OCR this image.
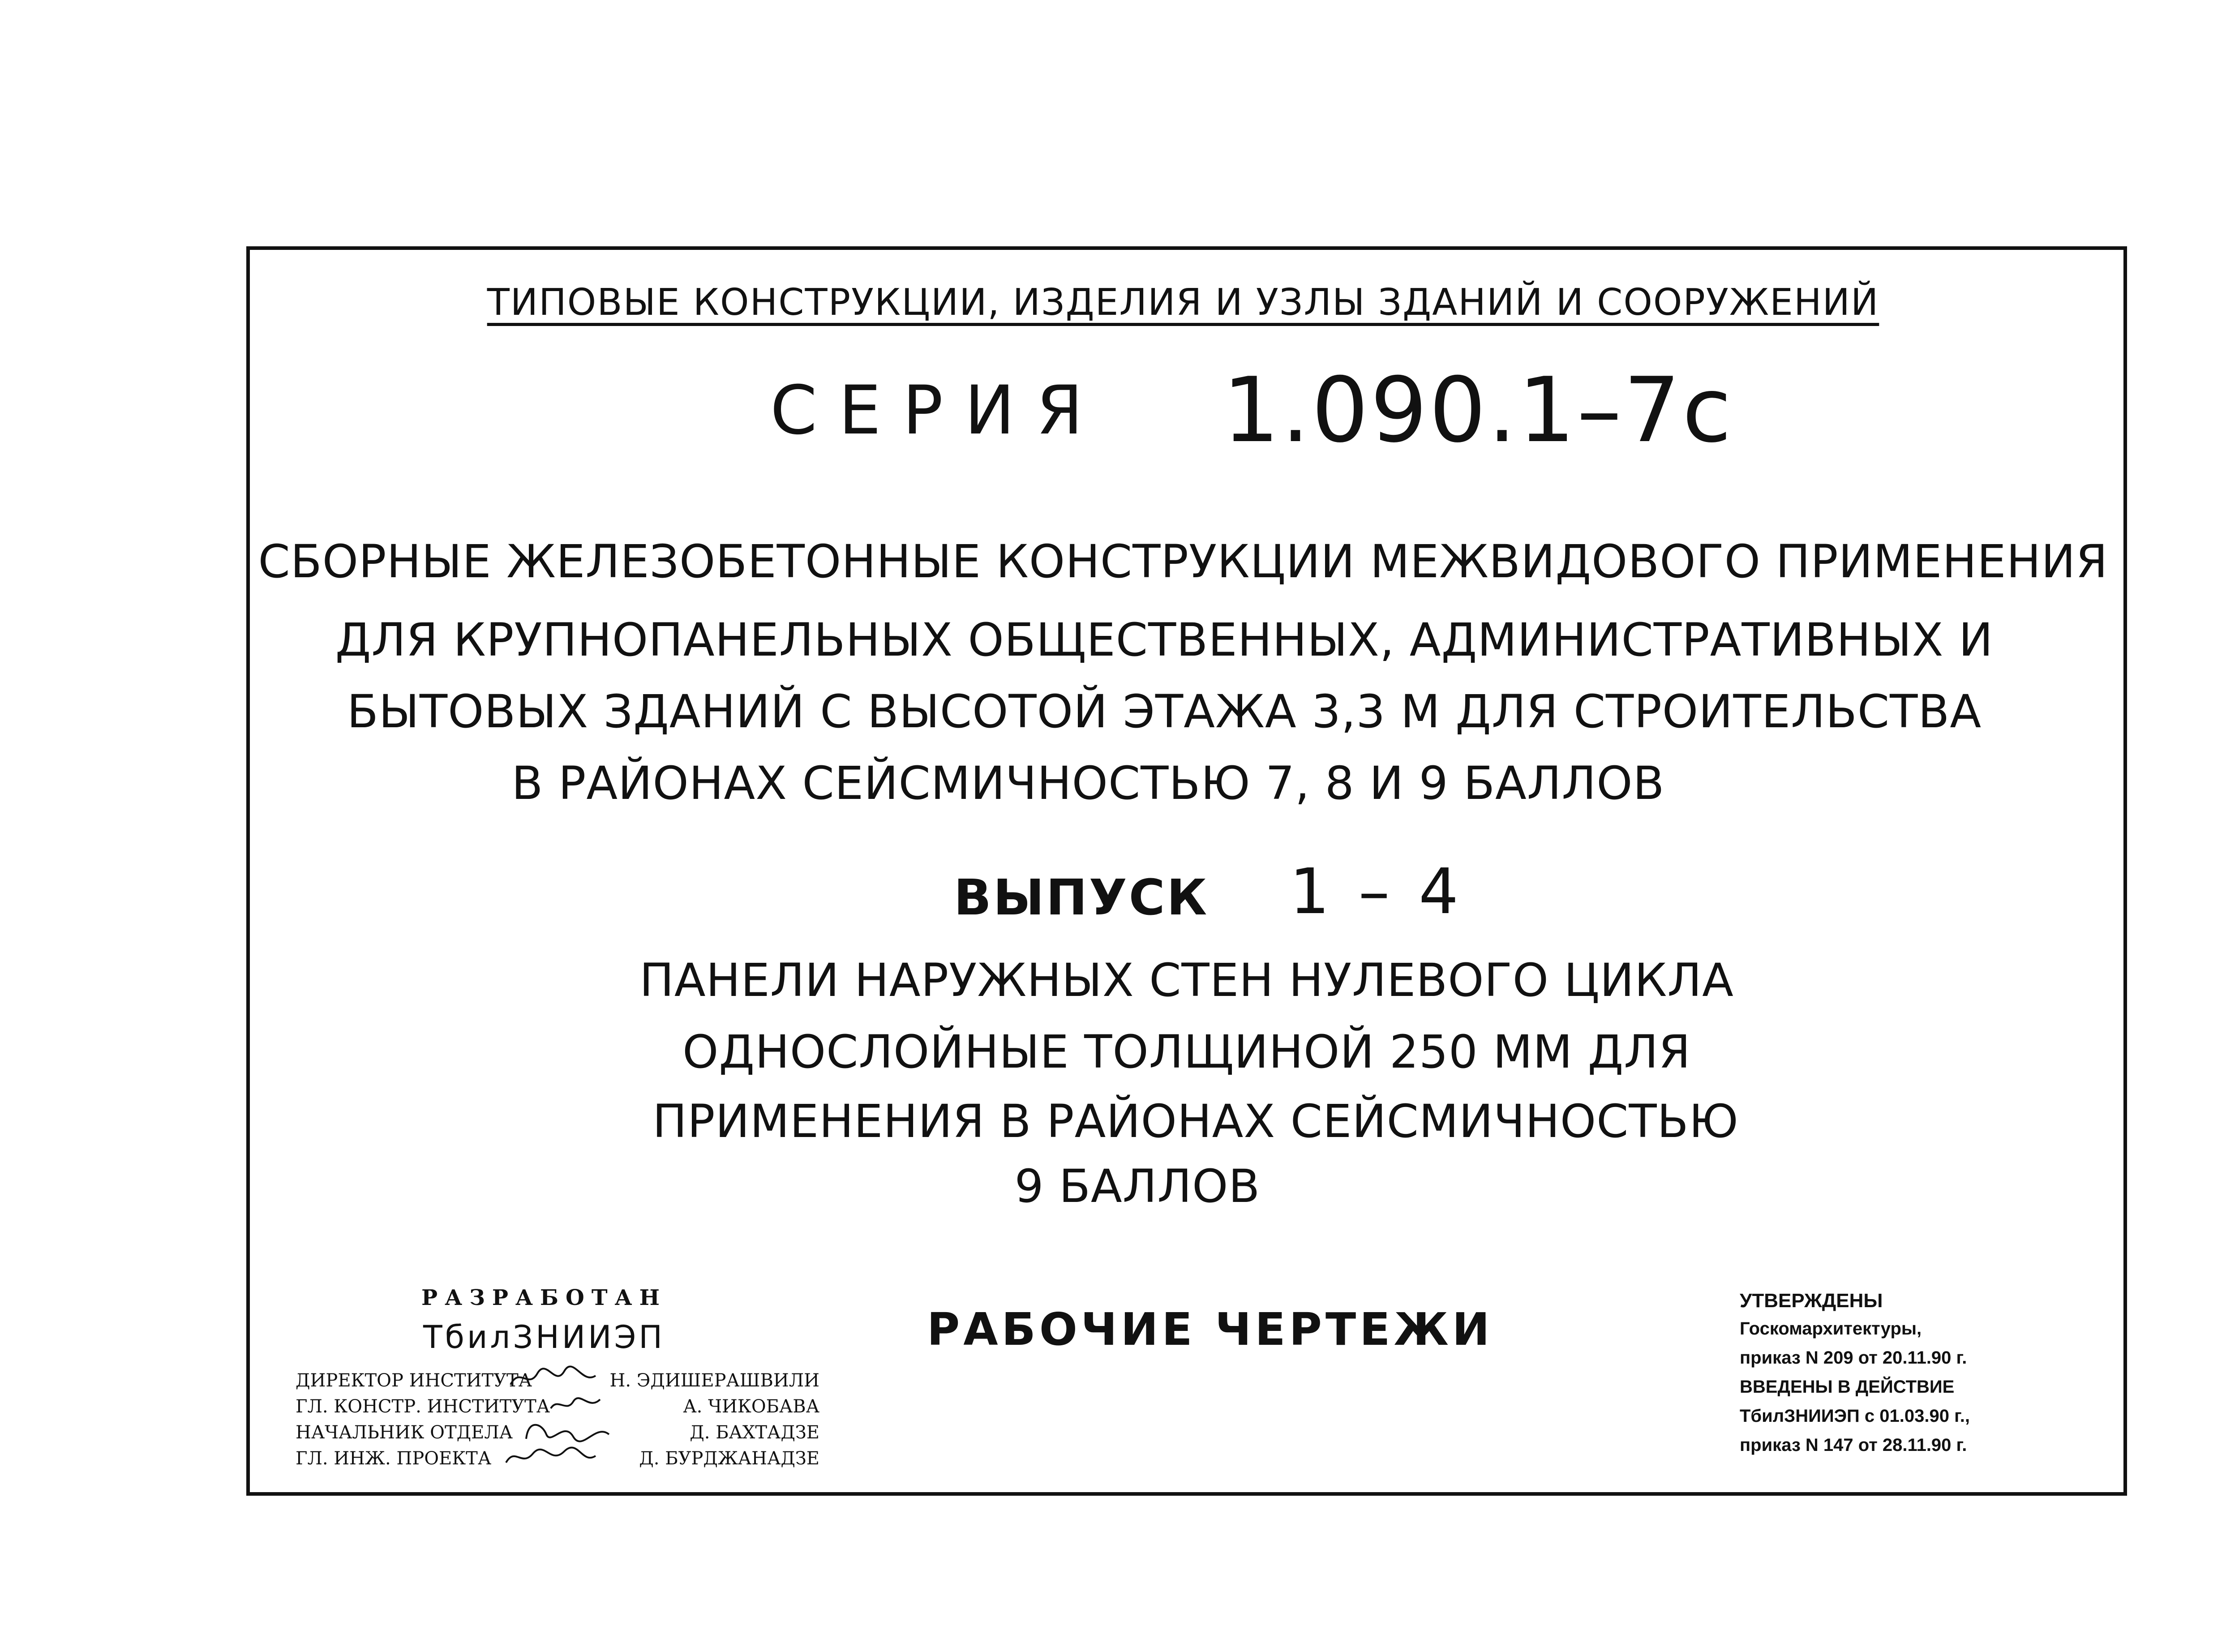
ТИПОВЫЕ КОНСТРУКЦИИ, ИЗДЕЛИЯ И УЗЛЫ ЗДАНИЙ И СООРУЖЕНИЙ
СЕРИЯ 1.090.1–7с
СБОРНЫЕ ЖЕЛЕЗОБЕТОННЫЕ КОНСТРУКЦИИ МЕЖВИДОВОГО ПРИМЕНЕНИЯ
ДЛЯ КРУПНОПАНЕЛЬНЫХ ОБЩЕСТВЕННЫХ, АДМИНИСТРАТИВНЫХ И
БЫТОВЫХ ЗДАНИЙ С ВЫСОТОЙ ЭТАЖА 3,3 М ДЛЯ СТРОИТЕЛЬСТВА
В РАЙОНАХ СЕЙСМИЧНОСТЬЮ 7, 8 И 9 БАЛЛОВ
ВЫПУСК 1 – 4
ПАНЕЛИ НАРУЖНЫХ СТЕН НУЛЕВОГО ЦИКЛА
ОДНОСЛОЙНЫЕ ТОЛЩИНОЙ 250 ММ ДЛЯ
ПРИМЕНЕНИЯ В РАЙОНАХ СЕЙСМИЧНОСТЬЮ
9 БАЛЛОВ
РАЗРАБОТАН
ТбилЗНИИЭП
ДИРЕКТОР ИНСТИТУТА	Н. ЭДИШЕРАШВИЛИ
ГЛ. КОНСТР. ИНСТИТУТА	А. ЧИКОБАВА
НАЧАЛЬНИК ОТДЕЛА	Д. БАХТАДЗЕ
ГЛ. ИНЖ. ПРОЕКТА	Д. БУРДЖАНАДЗЕ
РАБОЧИЕ ЧЕРТЕЖИ
УТВЕРЖДЕНЫ
Госкомархитектуры,
приказ N 209 от 20.11.90 г.
ВВЕДЕНЫ В ДЕЙСТВИЕ
ТбилЗНИИЭП с 01.03.90 г.,
приказ N 147 от 28.11.90 г.
